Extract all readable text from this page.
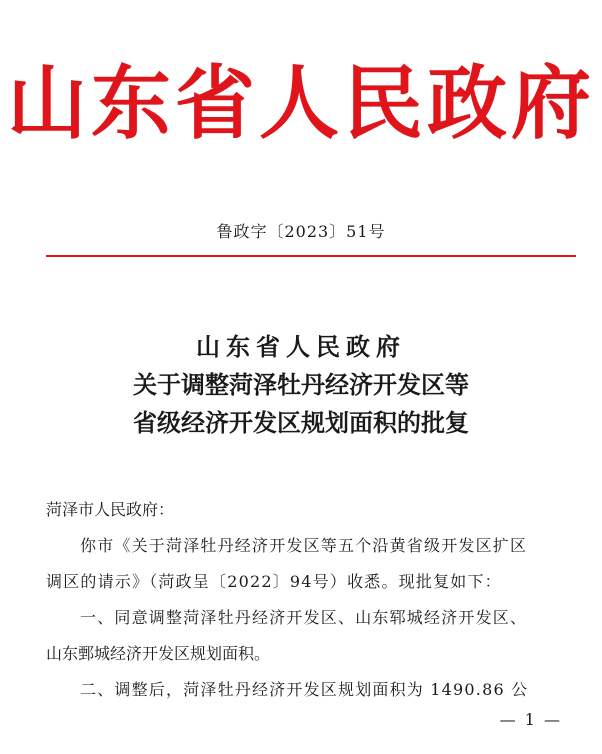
山东省人民政府
鲁政字〔2023〕51号
山东省人民政府
关于调整菏泽牡丹经济开发区等
省级经济开发区规划面积的批复

菏泽市人民政府：

你市《关于菏泽牡丹经济开发区等五个沿黄省级开发区扩区

调区的请示》（菏政呈〔2022〕94号）收悉。现批复如下：

一、同意调整菏泽牡丹经济开发区、山东郓城经济开发区、

山东鄄城经济开发区规划面积。

二、调整后，菏泽牡丹经济开发区规划面积为 1490.86 公

— 1 —
